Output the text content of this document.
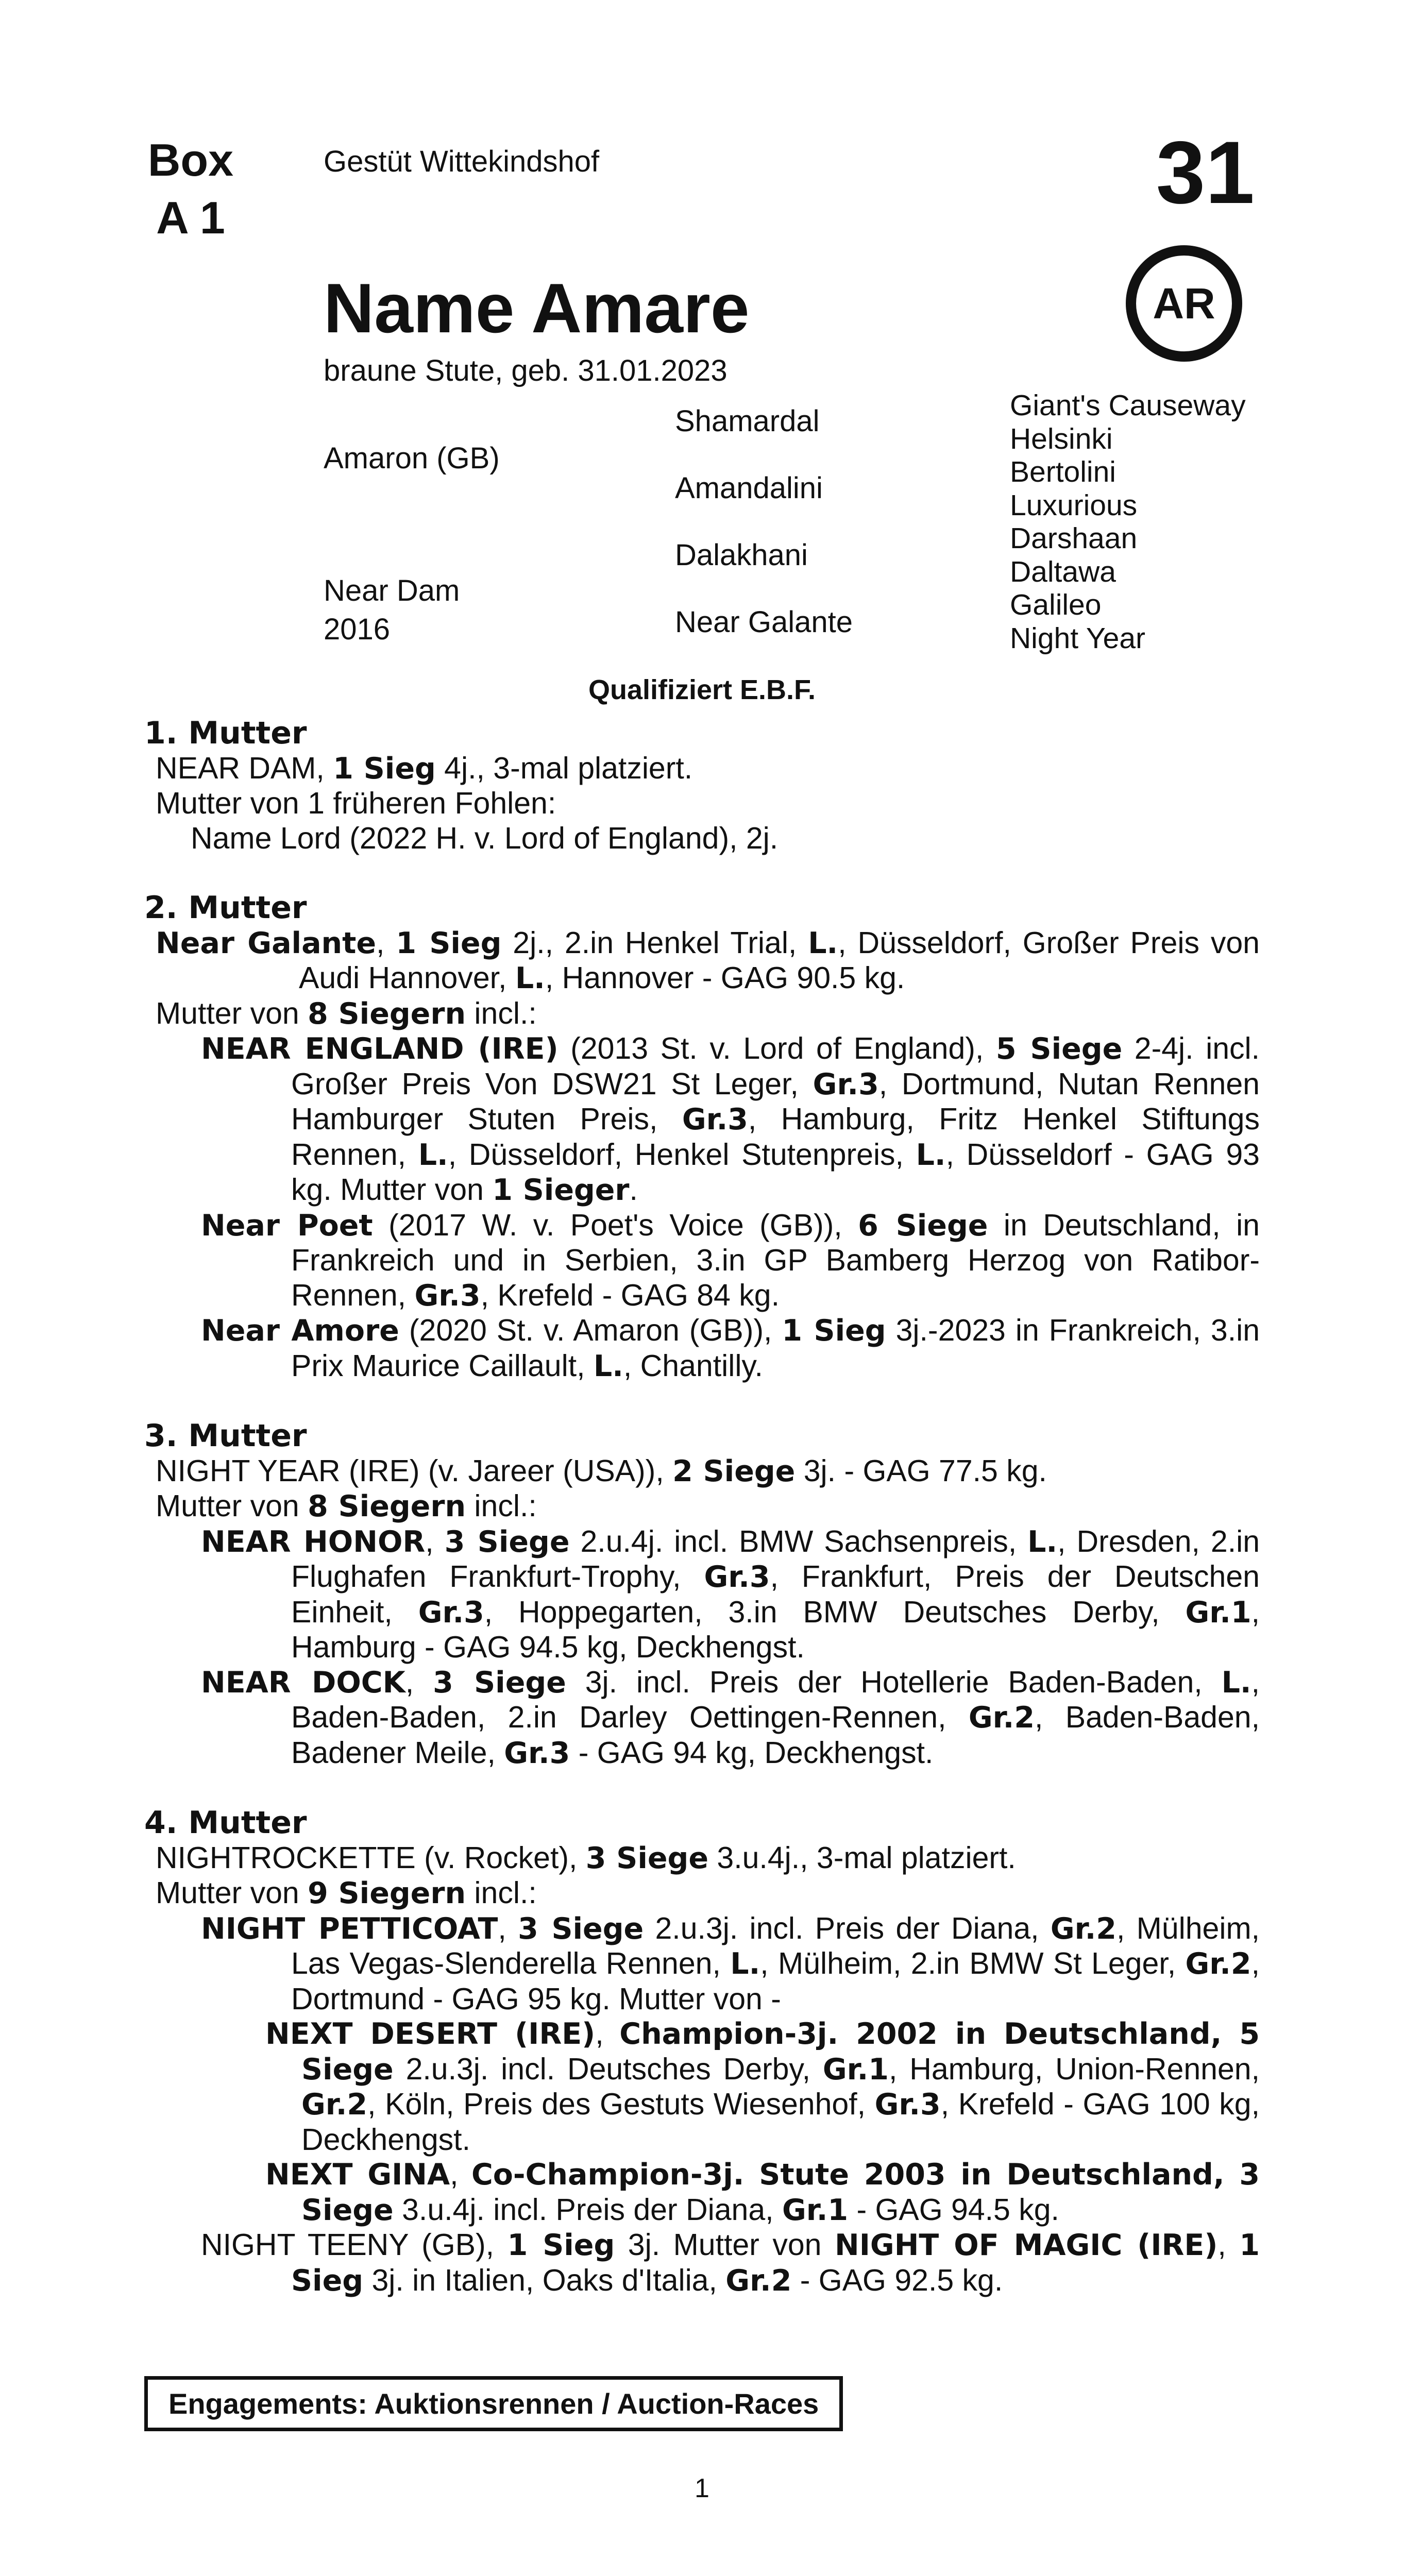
Box
A 1
Gestüt Wittekindshof	31
AR
Name Amare
braune Stute, geb. 31.01.2023
Amaron (GB)
Near Dam
2016
Shamardal
Amandalini
Dalakhani
Near Galante
Giant's Causeway
Helsinki
Bertolini
Luxurious
Darshaan
Daltawa
Galileo
Night Year
Qualifiziert E.B.F.
1. Mutter
NEAR DAM, 1 Sieg 4j., 3-mal platziert.
Mutter von 1 früheren Fohlen:
Name Lord (2022 H. v. Lord of England), 2j.
2. Mutter
Near Galante, 1 Sieg 2j., 2.in Henkel Trial, L., Düsseldorf, Großer Preis von Audi Hannover, L., Hannover - GAG 90.5 kg.
Mutter von 8 Siegern incl.:
NEAR ENGLAND (IRE) (2013 St. v. Lord of England), 5 Siege 2-4j. incl. Großer Preis Von DSW21 St Leger, Gr.3, Dortmund, Nutan Rennen Hamburger Stuten Preis, Gr.3, Hamburg, Fritz Henkel Stiftungs Rennen, L., Düsseldorf, Henkel Stutenpreis, L., Düsseldorf - GAG 93 kg. Mutter von 1 Sieger.
Near Poet (2017 W. v. Poet's Voice (GB)), 6 Siege in Deutschland, in Frankreich und in Serbien, 3.in GP Bamberg Herzog von Ratibor-Rennen, Gr.3, Krefeld - GAG 84 kg.
Near Amore (2020 St. v. Amaron (GB)), 1 Sieg 3j.-2023 in Frankreich, 3.in Prix Maurice Caillault, L., Chantilly.
3. Mutter
NIGHT YEAR (IRE) (v. Jareer (USA)), 2 Siege 3j. - GAG 77.5 kg.
Mutter von 8 Siegern incl.:
NEAR HONOR, 3 Siege 2.u.4j. incl. BMW Sachsenpreis, L., Dresden, 2.in Flughafen Frankfurt-Trophy, Gr.3, Frankfurt, Preis der Deutschen Einheit, Gr.3, Hoppegarten, 3.in BMW Deutsches Derby, Gr.1, Hamburg - GAG 94.5 kg, Deckhengst.
NEAR DOCK, 3 Siege 3j. incl. Preis der Hotellerie Baden-Baden, L., Baden-Baden, 2.in Darley Oettingen-Rennen, Gr.2, Baden-Baden, Badener Meile, Gr.3 - GAG 94 kg, Deckhengst.
4. Mutter
NIGHTROCKETTE (v. Rocket), 3 Siege 3.u.4j., 3-mal platziert.
Mutter von 9 Siegern incl.:
NIGHT PETTICOAT, 3 Siege 2.u.3j. incl. Preis der Diana, Gr.2, Mülheim, Las Vegas-Slenderella Rennen, L., Mülheim, 2.in BMW St Leger, Gr.2, Dortmund - GAG 95 kg. Mutter von -
NEXT DESERT (IRE), Champion-3j. 2002 in Deutschland, 5 Siege 2.u.3j. incl. Deutsches Derby, Gr.1, Hamburg, Union-Rennen, Gr.2, Köln, Preis des Gestuts Wiesenhof, Gr.3, Krefeld - GAG 100 kg, Deckhengst.
NEXT GINA, Co-Champion-3j. Stute 2003 in Deutschland, 3 Siege 3.u.4j. incl. Preis der Diana, Gr.1 - GAG 94.5 kg.
NIGHT TEENY (GB), 1 Sieg 3j. Mutter von NIGHT OF MAGIC (IRE), 1 Sieg 3j. in Italien, Oaks d'Italia, Gr.2 - GAG 92.5 kg.
Engagements: Auktionsrennen / Auction-Races
1
